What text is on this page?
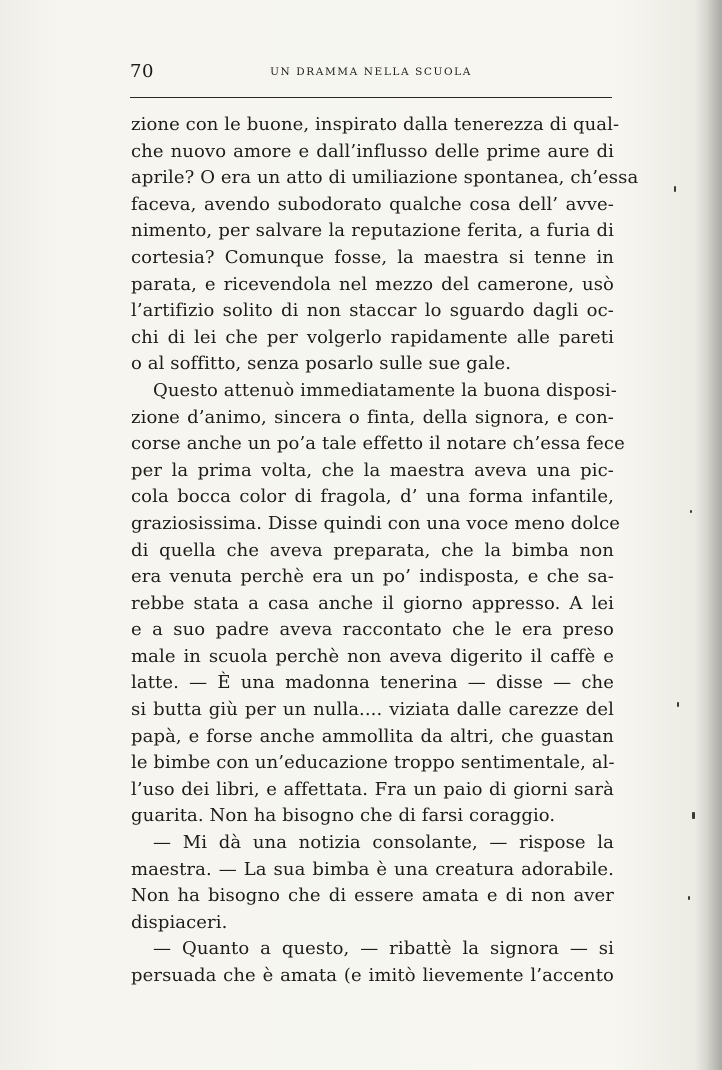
70	UN DRAMMA NELLA SCUOLA
zione con le buone, inspirato dalla tenerezza di qual-
che nuovo amore e dall’influsso delle prime aure di
aprile? O era un atto di umiliazione spontanea, ch’essa
faceva, avendo subodorato qualche cosa dell’ avve-
nimento, per salvare la reputazione ferita, a furia di
cortesia? Comunque fosse, la maestra si tenne in
parata, e ricevendola nel mezzo del camerone, usò
l’artifizio solito di non staccar lo sguardo dagli oc-
chi di lei che per volgerlo rapidamente alle pareti
o al soffitto, senza posarlo sulle sue gale.
Questo attenuò immediatamente la buona disposi-
zione d’animo, sincera o finta, della signora, e con-
corse anche un po’a tale effetto il notare ch’essa fece
per la prima volta, che la maestra aveva una pic-
cola bocca color di fragola, d’ una forma infantile,
graziosissima. Disse quindi con una voce meno dolce
di quella che aveva preparata, che la bimba non
era venuta perchè era un po’ indisposta, e che sa-
rebbe stata a casa anche il giorno appresso. A lei
e a suo padre aveva raccontato che le era preso
male in scuola perchè non aveva digerito il caffè e
latte. — È una madonna tenerina — disse — che
si butta giù per un nulla.... viziata dalle carezze del
papà, e forse anche ammollita da altri, che guastan
le bimbe con un’educazione troppo sentimentale, al-
l’uso dei libri, e affettata. Fra un paio di giorni sarà
guarita. Non ha bisogno che di farsi coraggio.
— Mi dà una notizia consolante, — rispose la
maestra. — La sua bimba è una creatura adorabile.
Non ha bisogno che di essere amata e di non aver
dispiaceri.
— Quanto a questo, — ribattè la signora — si
persuada che è amata (e imitò lievemente l’accento
